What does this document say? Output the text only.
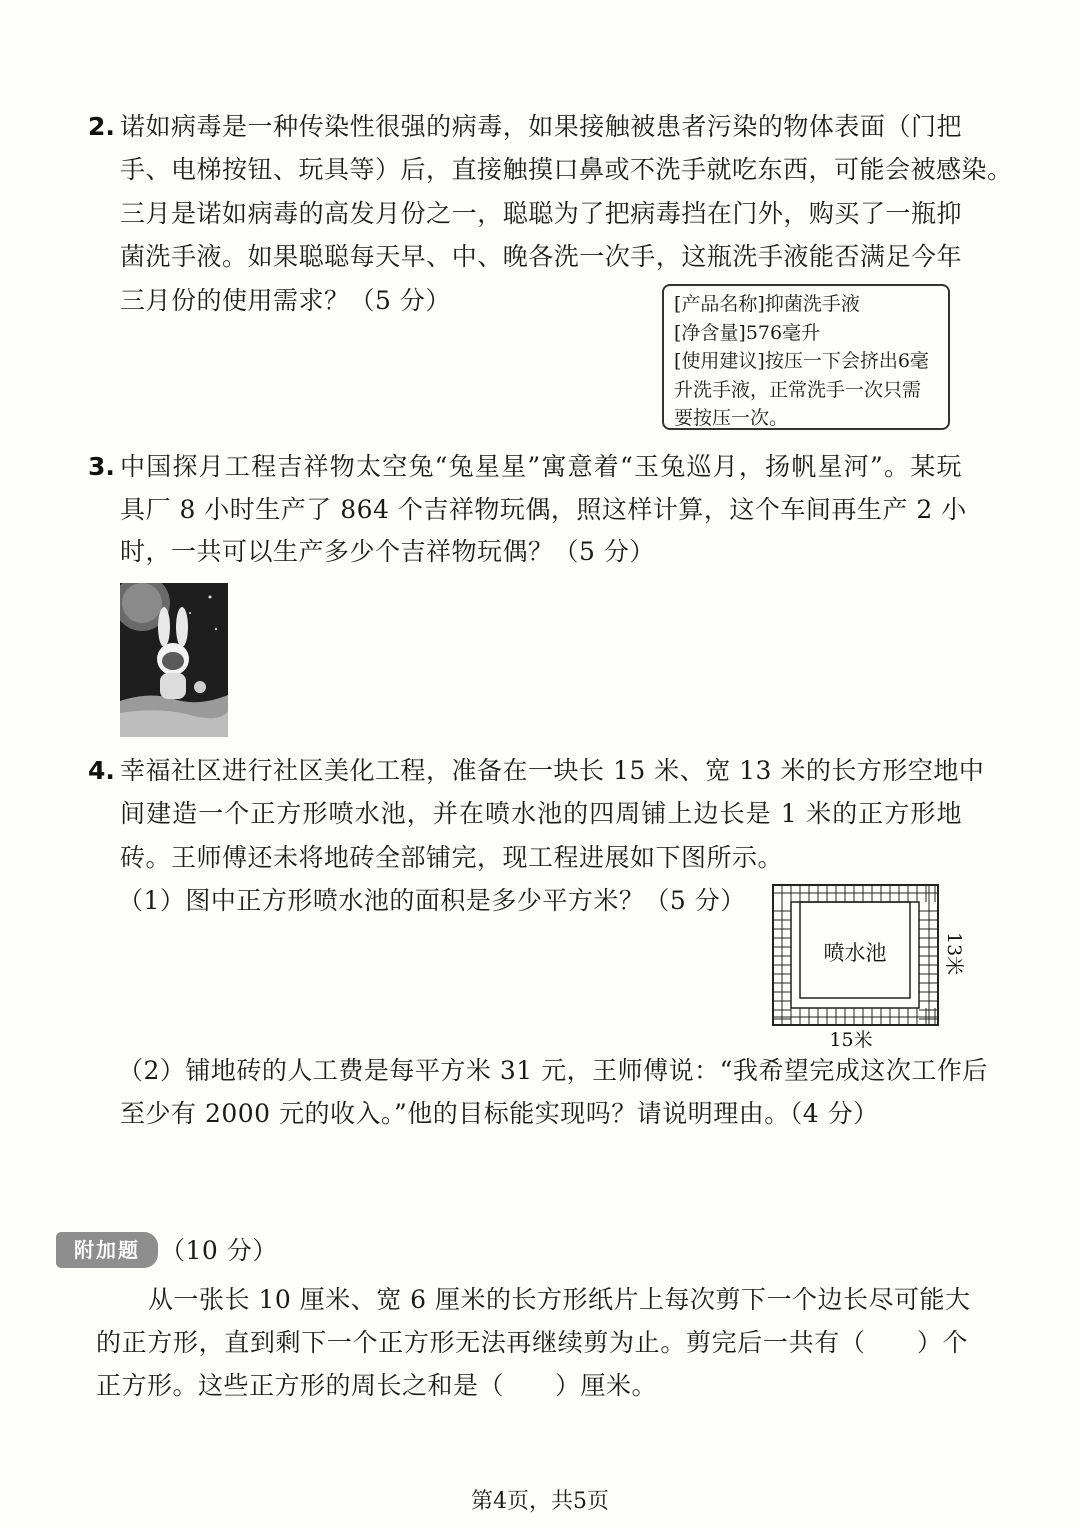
2. 诺如病毒是一种传染性很强的病毒，如果接触被患者污染的物体表面（门把
手、电梯按钮、玩具等）后，直接触摸口鼻或不洗手就吃东西，可能会被感染。
三月是诺如病毒的高发月份之一，聪聪为了把病毒挡在门外，购买了一瓶抑
菌洗手液。如果聪聪每天早、中、晚各洗一次手，这瓶洗手液能否满足今年
三月份的使用需求？（5 分）	[产品名称]抑菌洗手液
[净含量]576毫升
[使用建议]按压一下会挤出6毫
升洗手液，正常洗手一次只需
要按压一次。
3. 中国探月工程吉祥物太空兔“兔星星”寓意着“玉兔巡月，扬帆星河”。某玩
具厂 8 小时生产了 864 个吉祥物玩偶，照这样计算，这个车间再生产 2 小
时，一共可以生产多少个吉祥物玩偶？（5 分）
4. 幸福社区进行社区美化工程，准备在一块长 15 米、宽 13 米的长方形空地中
间建造一个正方形喷水池，并在喷水池的四周铺上边长是 1 米的正方形地
砖。王师傅还未将地砖全部铺完，现工程进展如下图所示。
（1）图中正方形喷水池的面积是多少平方米？（5 分）
（2）铺地砖的人工费是每平方米 31 元，王师傅说：“我希望完成这次工作后
至少有 2000 元的收入。”他的目标能实现吗？请说明理由。（4 分）
喷水池	13米
15米
附加题 （10 分）
从一张长 10 厘米、宽 6 厘米的长方形纸片上每次剪下一个边长尽可能大
的正方形，直到剩下一个正方形无法再继续剪为止。剪完后一共有（　　）个
正方形。这些正方形的周长之和是（　　）厘米。
第4页，共5页
